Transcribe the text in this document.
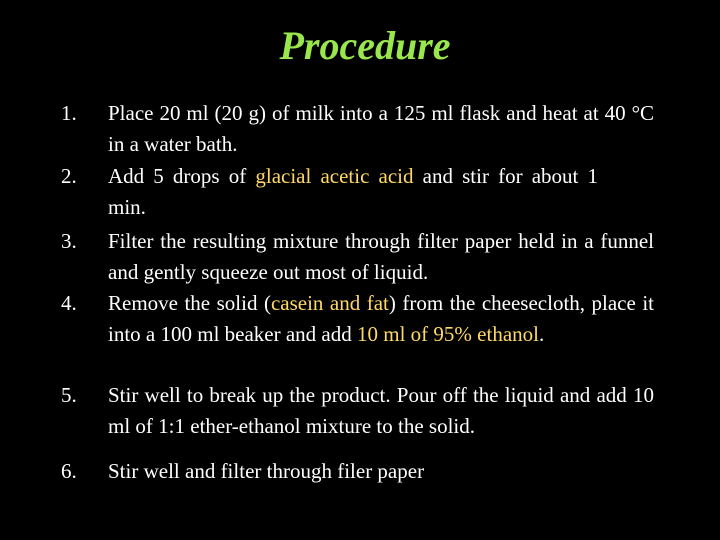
Procedure
1. Place 20 ml (20 g) of milk into a 125 ml flask and heat at 40 °C in a water bath.
2. Add 5 drops of glacial acetic acid and stir for about 1 min.
3. Filter the resulting mixture through filter paper held in a funnel and gently squeeze out most of liquid.
4. Remove the solid (casein and fat) from the cheesecloth, place it into a 100 ml beaker and add 10 ml of 95% ethanol.
5. Stir well to break up the product. Pour off the liquid and add 10 ml of 1:1 ether-ethanol mixture to the solid.
6. Stir well and filter through filer paper
